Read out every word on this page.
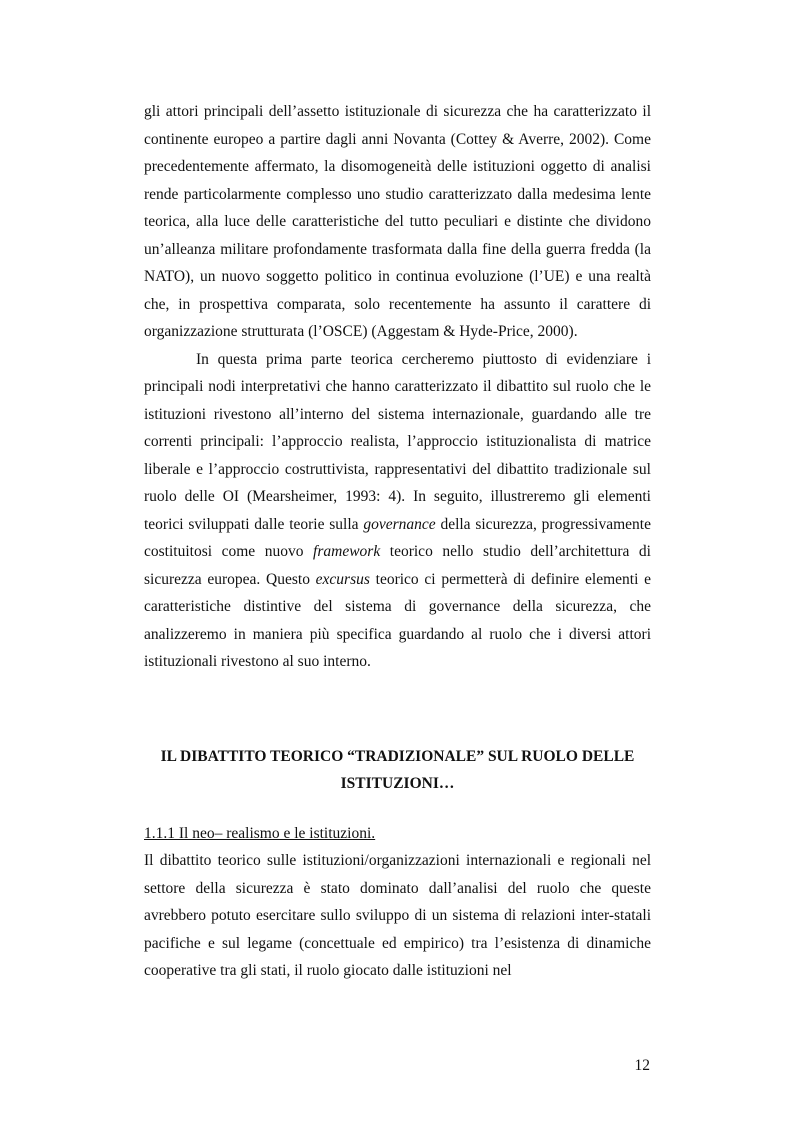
gli attori principali dell’assetto istituzionale di sicurezza che ha caratterizzato il continente europeo a partire dagli anni Novanta (Cottey & Averre, 2002). Come precedentemente affermato, la disomogeneità delle istituzioni oggetto di analisi rende particolarmente complesso uno studio caratterizzato dalla medesima lente teorica, alla luce delle caratteristiche del tutto peculiari e distinte che dividono un’alleanza militare profondamente trasformata dalla fine della guerra fredda (la NATO), un nuovo soggetto politico in continua evoluzione (l’UE) e una realtà che, in prospettiva comparata, solo recentemente ha assunto il carattere di organizzazione strutturata (l’OSCE) (Aggestam & Hyde-Price, 2000).

In questa prima parte teorica cercheremo piuttosto di evidenziare i principali nodi interpretativi che hanno caratterizzato il dibattito sul ruolo che le istituzioni rivestono all’interno del sistema internazionale, guardando alle tre correnti principali: l’approccio realista, l’approccio istituzionalista di matrice liberale e l’approccio costruttivista, rappresentativi del dibattito tradizionale sul ruolo delle OI (Mearsheimer, 1993: 4). In seguito, illustreremo gli elementi teorici sviluppati dalle teorie sulla governance della sicurezza, progressivamente costituitosi come nuovo framework teorico nello studio dell’architettura di sicurezza europea. Questo excursus teorico ci permetterà di definire elementi e caratteristiche distintive del sistema di governance della sicurezza, che analizzeremo in maniera più specifica guardando al ruolo che i diversi attori istituzionali rivestono al suo interno.

IL DIBATTITO TEORICO “TRADIZIONALE” SUL RUOLO DELLE ISTITUZIONI…

1.1.1 Il neo– realismo e le istituzioni.

Il dibattito teorico sulle istituzioni/organizzazioni internazionali e regionali nel settore della sicurezza è stato dominato dall’analisi del ruolo che queste avrebbero potuto esercitare sullo sviluppo di un sistema di relazioni inter-statali pacifiche e sul legame (concettuale ed empirico) tra l’esistenza di dinamiche cooperative tra gli stati, il ruolo giocato dalle istituzioni nel

12
